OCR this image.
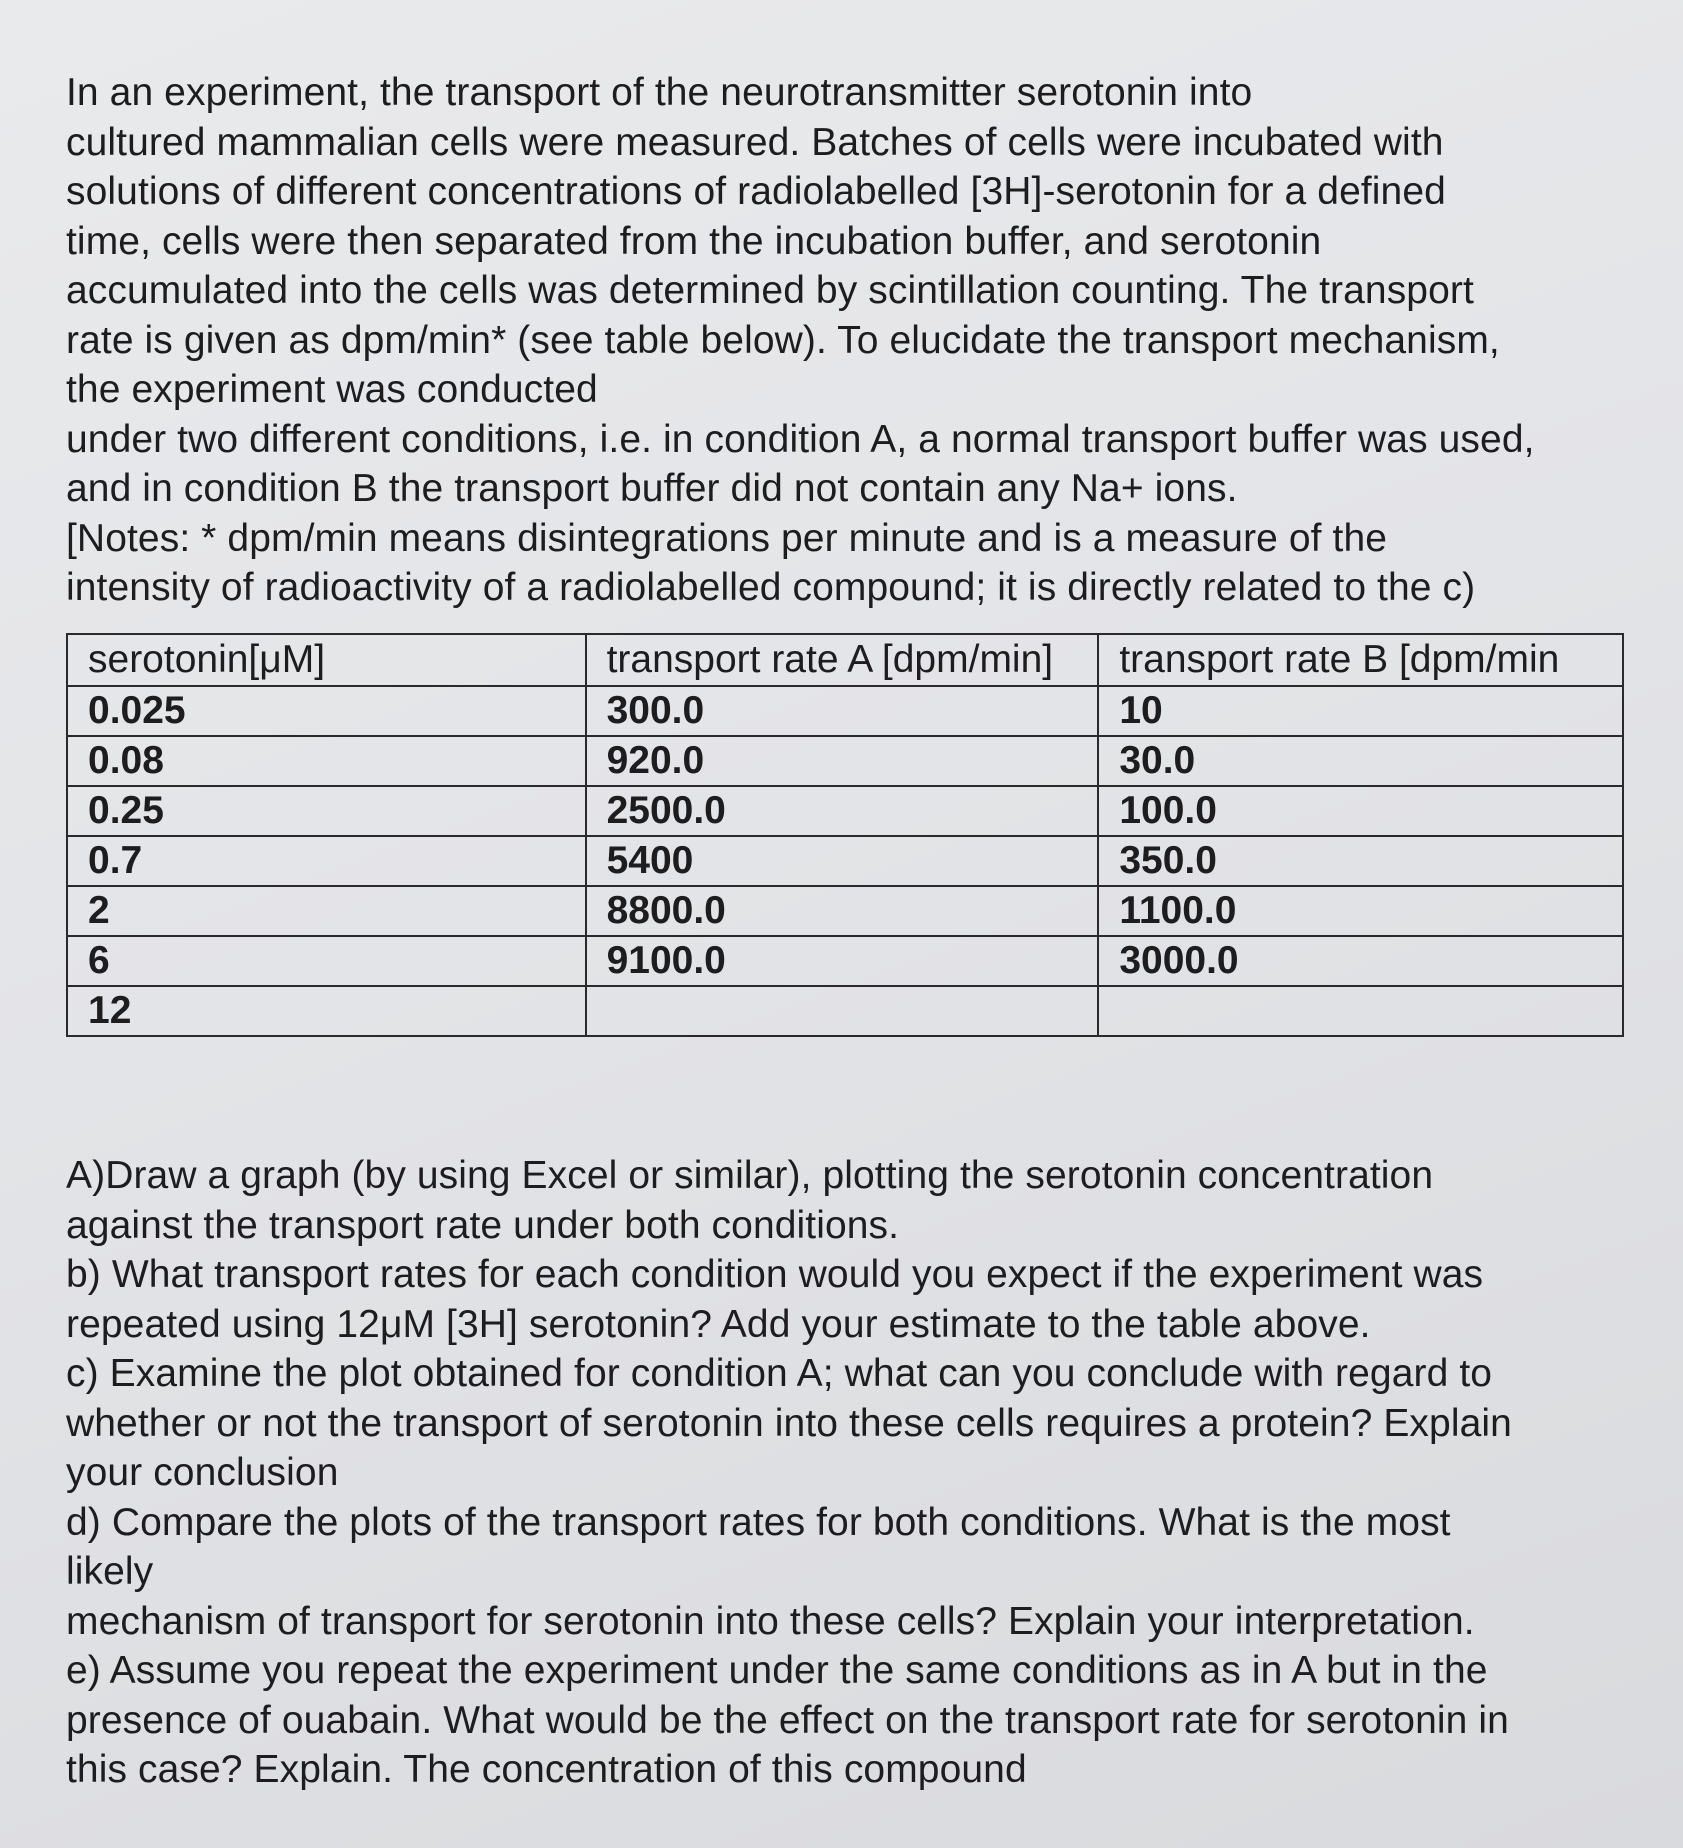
In an experiment, the transport of the neurotransmitter serotonin into

cultured mammalian cells were measured. Batches of cells were incubated with

solutions of different concentrations of radiolabelled [3H]-serotonin for a defined

time, cells were then separated from the incubation buffer, and serotonin

accumulated into the cells was determined by scintillation counting. The transport

rate is given as dpm/min* (see table below). To elucidate the transport mechanism,

the experiment was conducted

under two different conditions, i.e. in condition A, a normal transport buffer was used,

and in condition B the transport buffer did not contain any Na+ ions.

[Notes: * dpm/min means disintegrations per minute and is a measure of the

intensity of radioactivity of a radiolabelled compound; it is directly related to the c)

serotonin[μM]	transport rate A [dpm/min]	transport rate B [dpm/min
0.025	300.0	10
0.08	920.0	30.0
0.25	2500.0	100.0
0.7	5400	350.0
2	8800.0	1100.0
6	9100.0	3000.0
12		

A)Draw a graph (by using Excel or similar), plotting the serotonin concentration

against the transport rate under both conditions.

b) What transport rates for each condition would you expect if the experiment was

repeated using 12μM [3H] serotonin? Add your estimate to the table above.

c) Examine the plot obtained for condition A; what can you conclude with regard to

whether or not the transport of serotonin into these cells requires a protein? Explain

your conclusion

d) Compare the plots of the transport rates for both conditions. What is the most

likely

mechanism of transport for serotonin into these cells? Explain your interpretation.

e) Assume you repeat the experiment under the same conditions as in A but in the

presence of ouabain. What would be the effect on the transport rate for serotonin in

this case? Explain. The concentration of this compound
